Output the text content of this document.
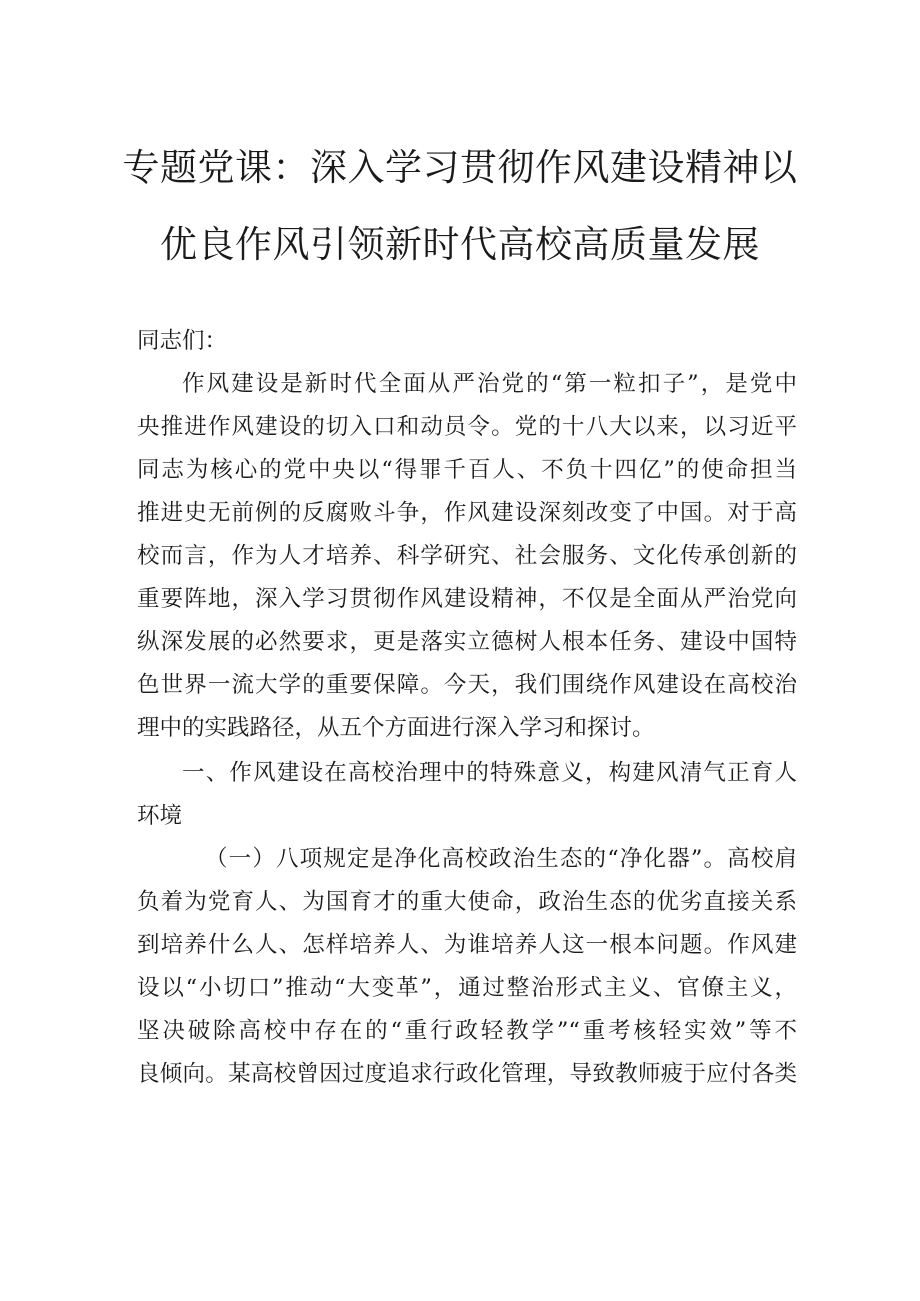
专题党课：深入学习贯彻作风建设精神以
优良作风引领新时代高校高质量发展
同志们：
作风建设是新时代全面从严治党的“第一粒扣子”，是党中
央推进作风建设的切入口和动员令。党的十八大以来，以习近平
同志为核心的党中央以“得罪千百人、不负十四亿”的使命担当
推进史无前例的反腐败斗争，作风建设深刻改变了中国。对于高
校而言，作为人才培养、科学研究、社会服务、文化传承创新的
重要阵地，深入学习贯彻作风建设精神，不仅是全面从严治党向
纵深发展的必然要求，更是落实立德树人根本任务、建设中国特
色世界一流大学的重要保障。今天，我们围绕作风建设在高校治
理中的实践路径，从五个方面进行深入学习和探讨。
一、作风建设在高校治理中的特殊意义，构建风清气正育人
环境
（一）八项规定是净化高校政治生态的“净化器”。高校肩
负着为党育人、为国育才的重大使命，政治生态的优劣直接关系
到培养什么人、怎样培养人、为谁培养人这一根本问题。作风建
设以“小切口”推动“大变革”，通过整治形式主义、官僚主义，
坚决破除高校中存在的“重行政轻教学”“重考核轻实效”等不
良倾向。某高校曾因过度追求行政化管理，导致教师疲于应付各类
